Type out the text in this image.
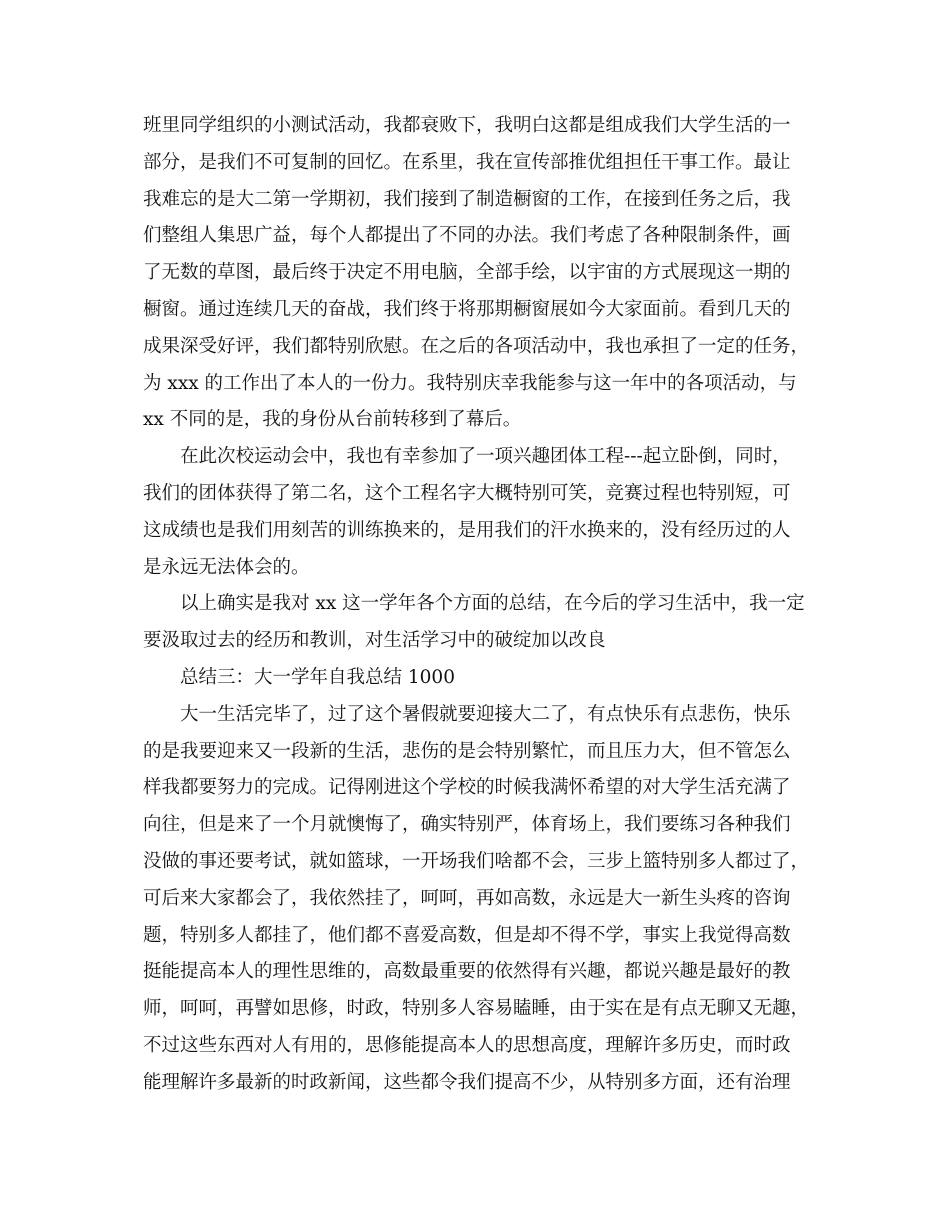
班里同学组织的小测试活动，我都衰败下，我明白这都是组成我们大学生活的一
部分，是我们不可复制的回忆。在系里，我在宣传部推优组担任干事工作。最让
我难忘的是大二第一学期初，我们接到了制造橱窗的工作，在接到任务之后，我
们整组人集思广益，每个人都提出了不同的办法。我们考虑了各种限制条件，画
了无数的草图，最后终于决定不用电脑，全部手绘，以宇宙的方式展现这一期的
橱窗。通过连续几天的奋战，我们终于将那期橱窗展如今大家面前。看到几天的
成果深受好评，我们都特别欣慰。在之后的各项活动中，我也承担了一定的任务，
为 xxx 的工作出了本人的一份力。我特别庆幸我能参与这一年中的各项活动，与
xx 不同的是，我的身份从台前转移到了幕后。
在此次校运动会中，我也有幸参加了一项兴趣团体工程---起立卧倒，同时，
我们的团体获得了第二名，这个工程名字大概特别可笑，竞赛过程也特别短，可
这成绩也是我们用刻苦的训练换来的，是用我们的汗水换来的，没有经历过的人
是永远无法体会的。
以上确实是我对 xx 这一学年各个方面的总结，在今后的学习生活中，我一定
要汲取过去的经历和教训，对生活学习中的破绽加以改良
总结三：大一学年自我总结 1000
大一生活完毕了，过了这个暑假就要迎接大二了，有点快乐有点悲伤，快乐
的是我要迎来又一段新的生活，悲伤的是会特别繁忙，而且压力大，但不管怎么
样我都要努力的完成。记得刚进这个学校的时候我满怀希望的对大学生活充满了
向往，但是来了一个月就懊悔了，确实特别严，体育场上，我们要练习各种我们
没做的事还要考试，就如篮球，一开场我们啥都不会，三步上篮特别多人都过了，
可后来大家都会了，我依然挂了，呵呵，再如高数，永远是大一新生头疼的咨询
题，特别多人都挂了，他们都不喜爱高数，但是却不得不学，事实上我觉得高数
挺能提高本人的理性思维的，高数最重要的依然得有兴趣，都说兴趣是最好的教
师，呵呵，再譬如思修，时政，特别多人容易瞌睡，由于实在是有点无聊又无趣，
不过这些东西对人有用的，思修能提高本人的思想高度，理解许多历史，而时政
能理解许多最新的时政新闻，这些都令我们提高不少，从特别多方面，还有治理
